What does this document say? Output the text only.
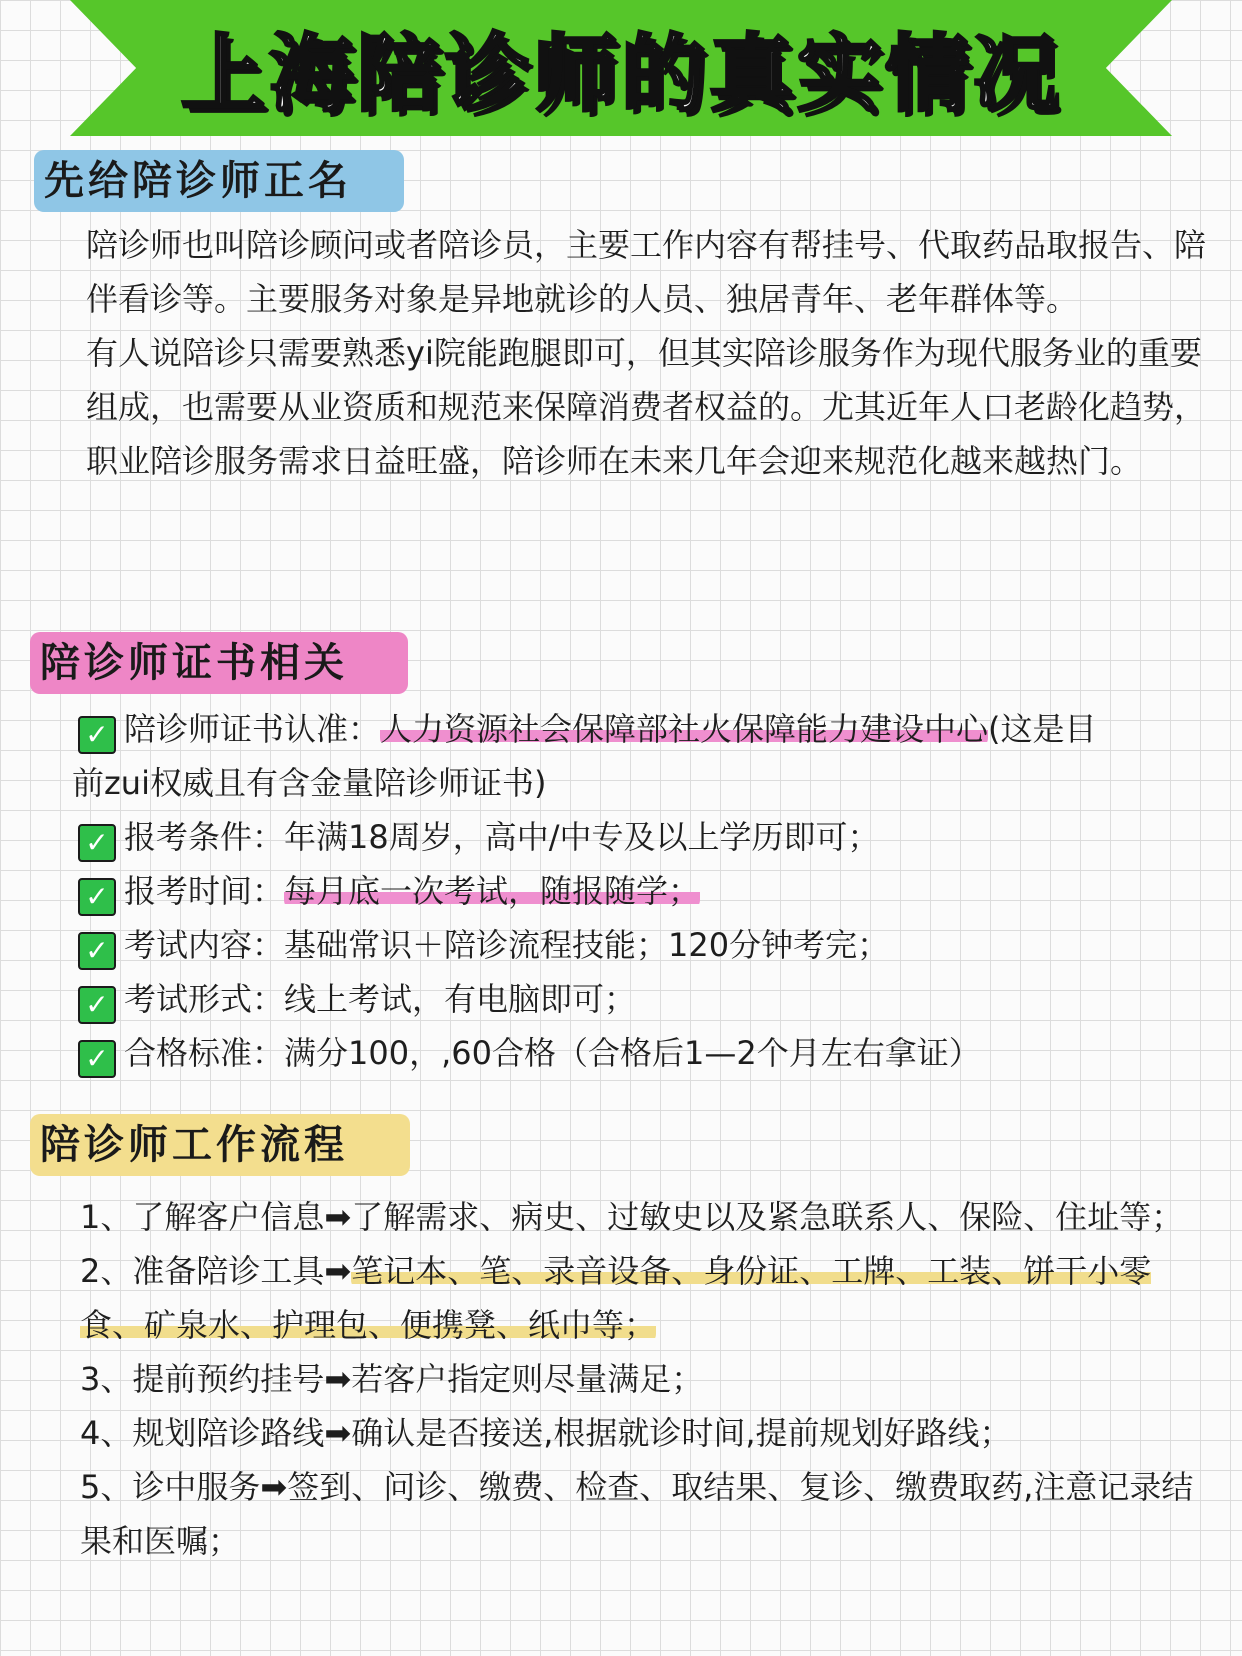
上海陪诊师的真实情况
先给陪诊师正名

陪诊师也叫陪诊顾问或者陪诊员，主要工作内容有帮挂号、代取药品取报告、陪伴看诊等。主要服务对象是异地就诊的人员、独居青年、老年群体等。

有人说陪诊只需要熟悉yi院能跑腿即可，但其实陪诊服务作为现代服务业的重要组成，也需要从业资质和规范来保障消费者权益的。尤其近年人口老龄化趋势，职业陪诊服务需求日益旺盛，陪诊师在未来几年会迎来规范化越来越热门。

陪诊师证书相关
✓ 陪诊师证书认准：人力资源社会保障部社火保障能力建设中心(这是目
前zui权威且有含金量陪诊师证书)
✓ 报考条件：年满18周岁，高中/中专及以上学历即可；
✓ 报考时间：每月底一次考试，随报随学；
✓ 考试内容：基础常识＋陪诊流程技能；120分钟考完；
✓ 考试形式：线上考试，有电脑即可；
✓ 合格标准：满分100，,60合格（合格后1—2个月左右拿证）
陪诊师工作流程
1、了解客户信息➡了解需求、病史、过敏史以及紧急联系人、保险、住址等；
2、准备陪诊工具➡笔记本、笔、录音设备、身份证、工牌、工装、饼干小零食、矿泉水、护理包、便携凳、纸巾等；
3、提前预约挂号➡若客户指定则尽量满足；
4、规划陪诊路线➡确认是否接送,根据就诊时间,提前规划好路线；
5、诊中服务➡签到、问诊、缴费、检查、取结果、复诊、缴费取药,注意记录结果和医嘱；
